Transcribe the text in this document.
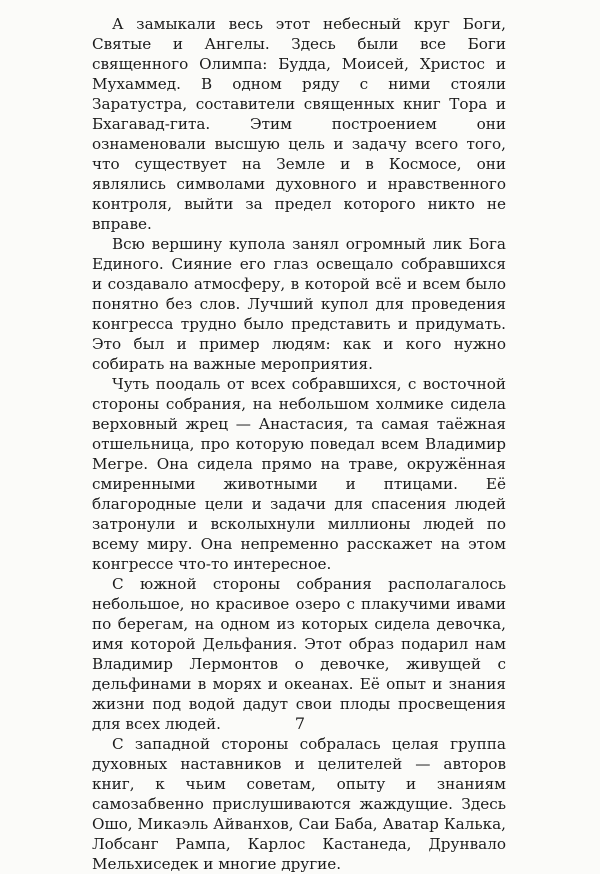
А замыкали весь этот небесный круг Боги, Святые и Ангелы. Здесь были все Боги священного Олимпа: Будда, Моисей, Христос и Мухаммед. В одном ряду с ними стояли Заратустра, составители священных книг Тора и Бхагавад-гита. Этим построением они ознаменовали высшую цель и задачу всего того, что существует на Земле и в Космосе, они являлись символами духовного и нравственного контроля, выйти за предел которого никто не вправе.

Всю вершину купола занял огромный лик Бога Единого. Сияние его глаз освещало собравшихся и создавало атмосферу, в которой всё и всем было понятно без слов. Лучший купол для проведения конгресса трудно было представить и придумать. Это был и пример людям: как и кого нужно собирать на важные мероприятия.

Чуть поодаль от всех собравшихся, с восточной стороны собрания, на небольшом холмике сидела верховный жрец — Анастасия, та самая таёжная отшельница, про которую поведал всем Владимир Мегре. Она сидела прямо на траве, окружённая смиренными животными и птицами. Её благородные цели и задачи для спасения людей затронули и всколыхнули миллионы людей по всему миру. Она непременно расскажет на этом конгрессе что-то интересное.

С южной стороны собрания располагалось небольшое, но красивое озеро с плакучими ивами по берегам, на одном из которых сидела девочка, имя которой Дельфания. Этот образ подарил нам Владимир Лермонтов о девочке, живущей с дельфинами в морях и океанах. Её опыт и знания жизни под водой дадут свои плоды просвещения для всех людей.

С западной стороны собралась целая группа духовных наставников и целителей — авторов книг, к чьим советам, опыту и знаниям самозабвенно прислушиваются жаждущие. Здесь Ошо, Микаэль Айванхов, Саи Баба, Аватар Калька, Лобсанг Рампа, Карлос Кастанеда, Друнвало Мельхиседек и многие другие.

7
